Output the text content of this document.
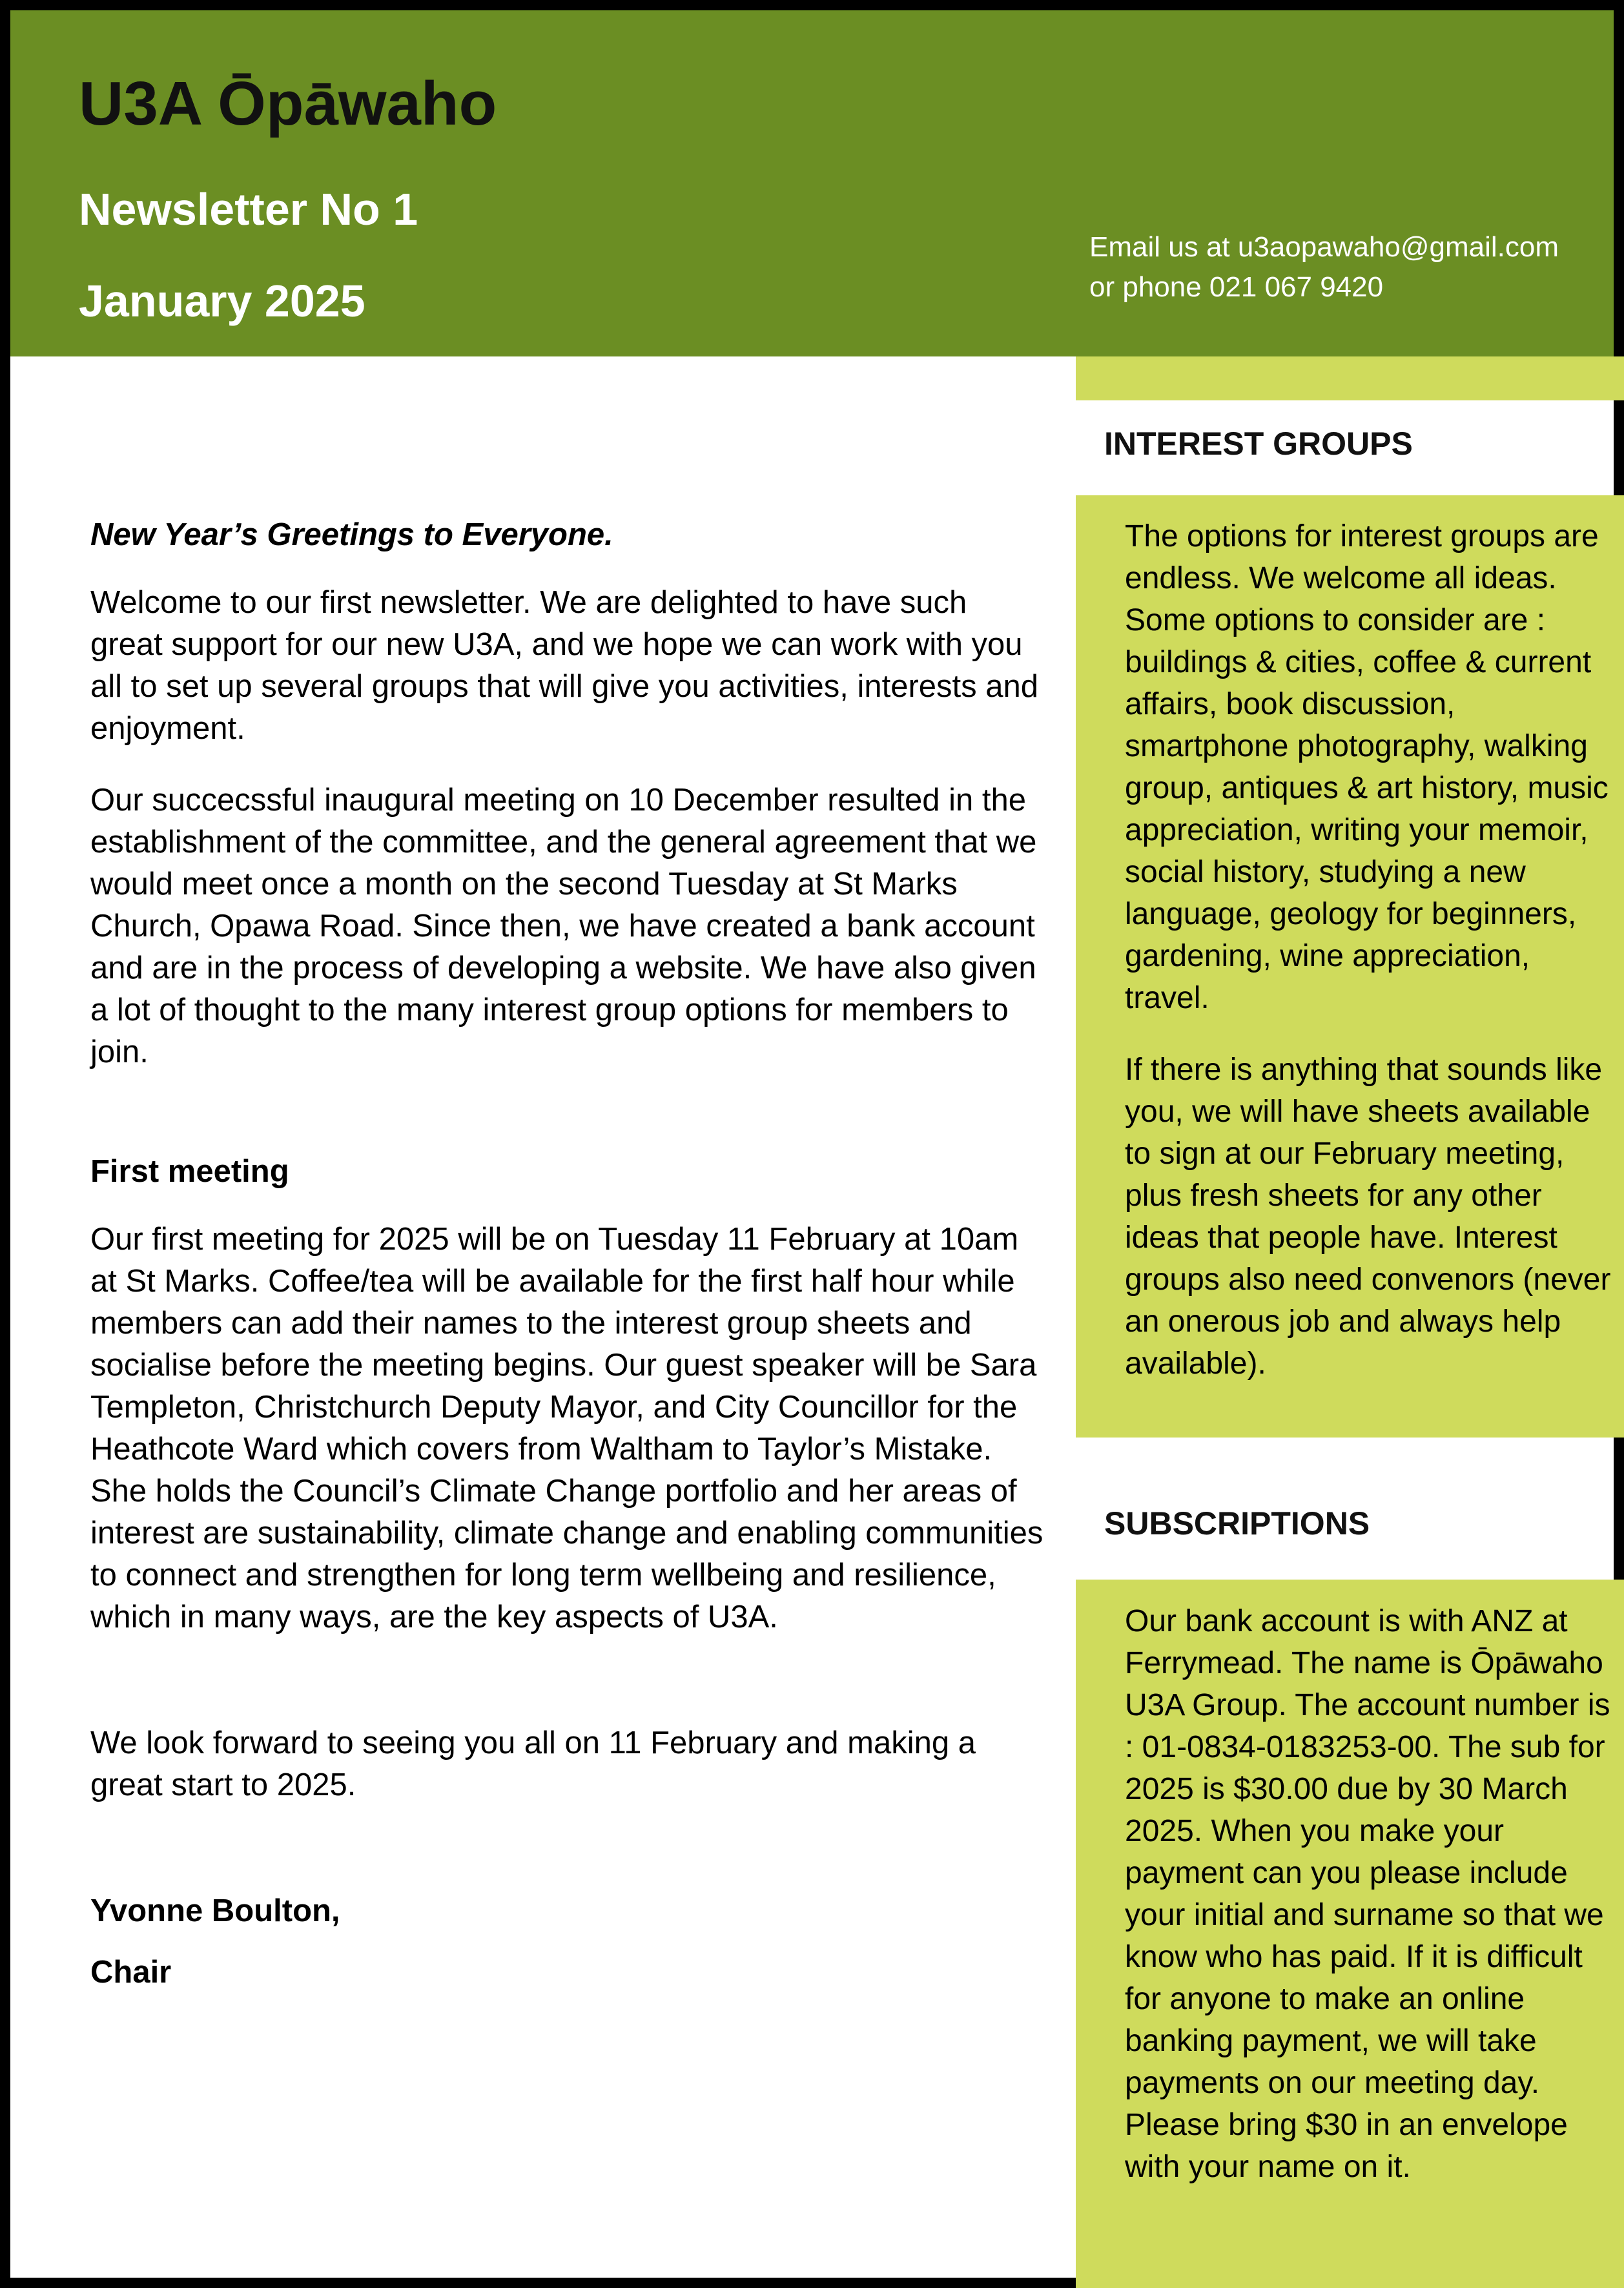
U3A Ōpāwaho
Newsletter No 1
January 2025
Email us at u3aopawaho@gmail.com
or phone 021 067 9420

New Year’s Greetings to Everyone.

Welcome to our first newsletter. We are delighted to have such great support for our new U3A, and we hope we can work with you all to set up several groups that will give you activities, interests and enjoyment.

Our succecssful inaugural meeting on 10 December resulted in the establishment of the committee, and the general agreement that we would meet once a month on the second Tuesday at St Marks Church, Opawa Road. Since then, we have created a bank account and are in the process of developing a website. We have also given a lot of thought to the many interest group options for members to join.

First meeting

Our first meeting for 2025 will be on Tuesday 11 February at 10am at St Marks. Coffee/tea will be available for the first half hour while members can add their names to the interest group sheets and socialise before the meeting begins. Our guest speaker will be Sara Templeton, Christchurch Deputy Mayor, and City Councillor for the Heathcote Ward which covers from Waltham to Taylor’s Mistake. She holds the Council’s Climate Change portfolio and her areas of interest are sustainability, climate change and enabling communities to connect and strengthen for long term wellbeing and resilience, which in many ways, are the key aspects of U3A.

We look forward to seeing you all on 11 February and making a great start to 2025.

Yvonne Boulton,

Chair

INTEREST GROUPS

The options for interest groups are endless. We welcome all ideas. Some options to consider are : buildings & cities, coffee & current affairs, book discussion, smartphone photography, walking group, antiques & art history, music appreciation, writing your memoir, social history, studying a new language, geology for beginners, gardening, wine appreciation, travel.

If there is anything that sounds like you, we will have sheets available to sign at our February meeting, plus fresh sheets for any other ideas that people have. Interest groups also need convenors (never an onerous job and always help available).

SUBSCRIPTIONS

Our bank account is with ANZ at Ferrymead. The name is Ōpāwaho U3A Group. The account number is : 01-0834-0183253-00. The sub for 2025 is $30.00 due by 30 March 2025. When you make your payment can you please include your initial and surname so that we know who has paid. If it is difficult for anyone to make an online banking payment, we will take payments on our meeting day. Please bring $30 in an envelope with your name on it.
